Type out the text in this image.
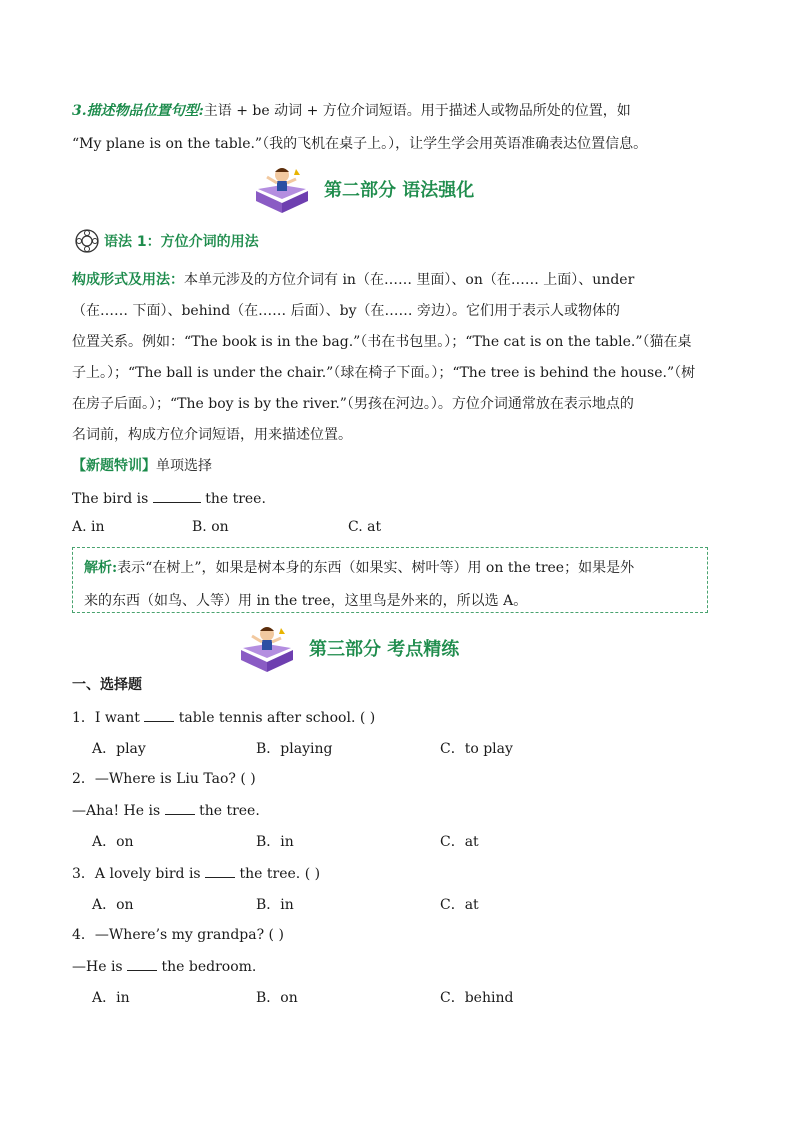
3.描述物品位置句型:主语 + be 动词 + 方位介词短语。用于描述人或物品所处的位置，如
“My plane is on the table.”（我的飞机在桌子上。），让学生学会用英语准确表达位置信息。
第二部分 语法强化
语法 1：方位介词的用法
构成形式及用法：本单元涉及的方位介词有 in（在…… 里面）、on（在…… 上面）、under
（在…… 下面）、behind（在…… 后面）、by（在…… 旁边）。它们用于表示人或物体的
位置关系。例如：“The book is in the bag.”（书在书包里。）；“The cat is on the table.”（猫在桌
子上。）；“The ball is under the chair.”（球在椅子下面。）；“The tree is behind the house.”（树
在房子后面。）；“The boy is by the river.”（男孩在河边。）。方位介词通常放在表示地点的
名词前，构成方位介词短语，用来描述位置。
【新题特训】单项选择
The bird is	the tree.
A. in	B. on	C. at
解析:表示“在树上”，如果是树本身的东西（如果实、树叶等）用 on the tree；如果是外
来的东西（如鸟、人等）用 in the tree，这里鸟是外来的，所以选 A。
第三部分 考点精练
一、选择题
1．I want	table tennis after school. ( )
A．play	B．playing	C．to play
2．—Where is Liu Tao? ( )
—Aha! He is	the tree.
A．on	B．in	C．at
3．A lovely bird is	the tree. ( )
A．on	B．in	C．at
4．—Where’s my grandpa? ( )
—He is	the bedroom.
A．in	B．on	C．behind
